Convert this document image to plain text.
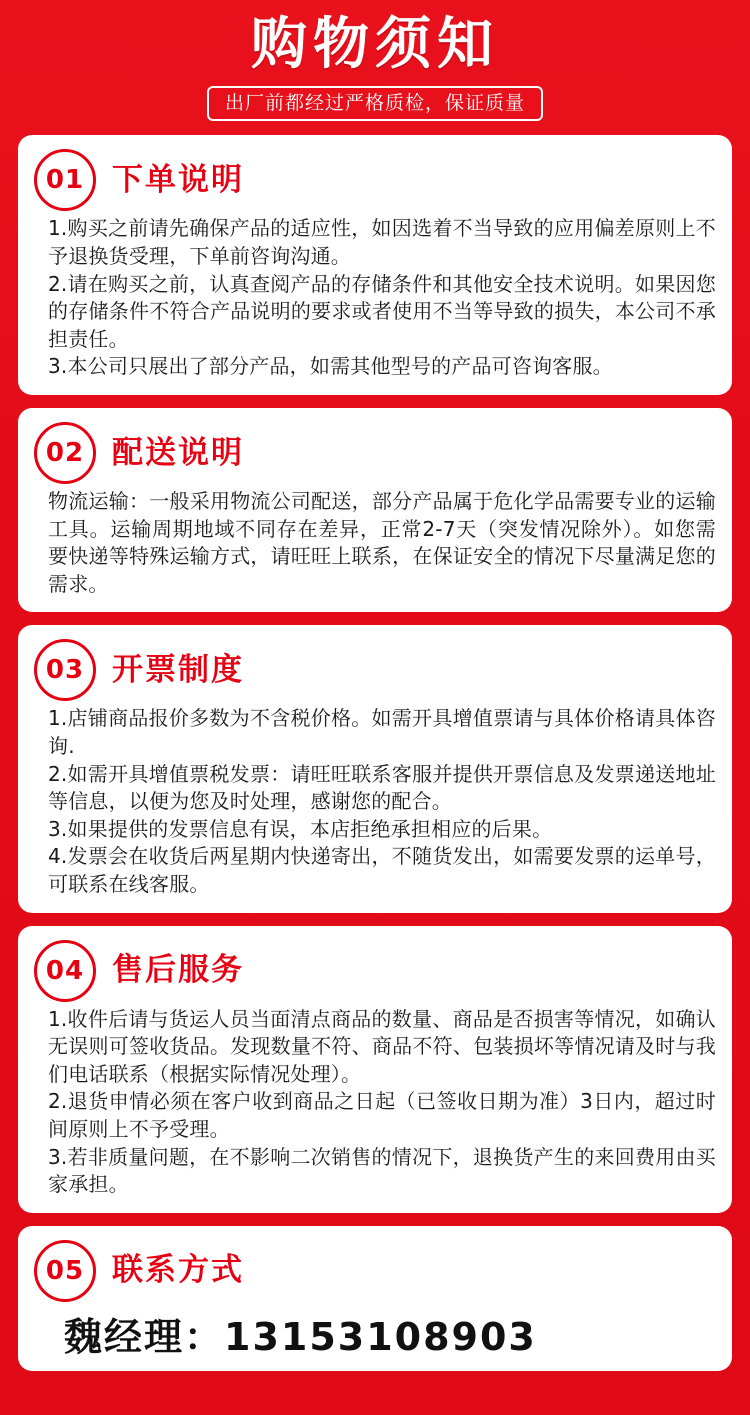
购物须知
出厂前都经过严格质检，保证质量
01 下单说明
1.购买之前请先确保产品的适应性，如因选着不当导致的应用偏差原则上不予退换货受理，下单前咨询沟通。
2.请在购买之前，认真查阅产品的存储条件和其他安全技术说明。如果因您的存储条件不符合产品说明的要求或者使用不当等导致的损失，本公司不承担责任。
3.本公司只展出了部分产品，如需其他型号的产品可咨询客服。
02 配送说明
物流运输：一般采用物流公司配送，部分产品属于危化学品需要专业的运输工具。运输周期地域不同存在差异，正常2-7天（突发情况除外）。如您需要快递等特殊运输方式，请旺旺上联系，在保证安全的情况下尽量满足您的需求。
03 开票制度
1.店铺商品报价多数为不含税价格。如需开具增值票请与具体价格请具体咨询.
2.如需开具增值票税发票：请旺旺联系客服并提供开票信息及发票递送地址等信息，以便为您及时处理，感谢您的配合。
3.如果提供的发票信息有误，本店拒绝承担相应的后果。
4.发票会在收货后两星期内快递寄出，不随货发出，如需要发票的运单号，可联系在线客服。
04 售后服务
1.收件后请与货运人员当面清点商品的数量、商品是否损害等情况，如确认无误则可签收货品。发现数量不符、商品不符、包装损坏等情况请及时与我们电话联系（根据实际情况处理）。
2.退货申情必须在客户收到商品之日起（已签收日期为准）3日内，超过时间原则上不予受理。
3.若非质量问题，在不影响二次销售的情况下，退换货产生的来回费用由买家承担。
05 联系方式
魏经理：13153108903
